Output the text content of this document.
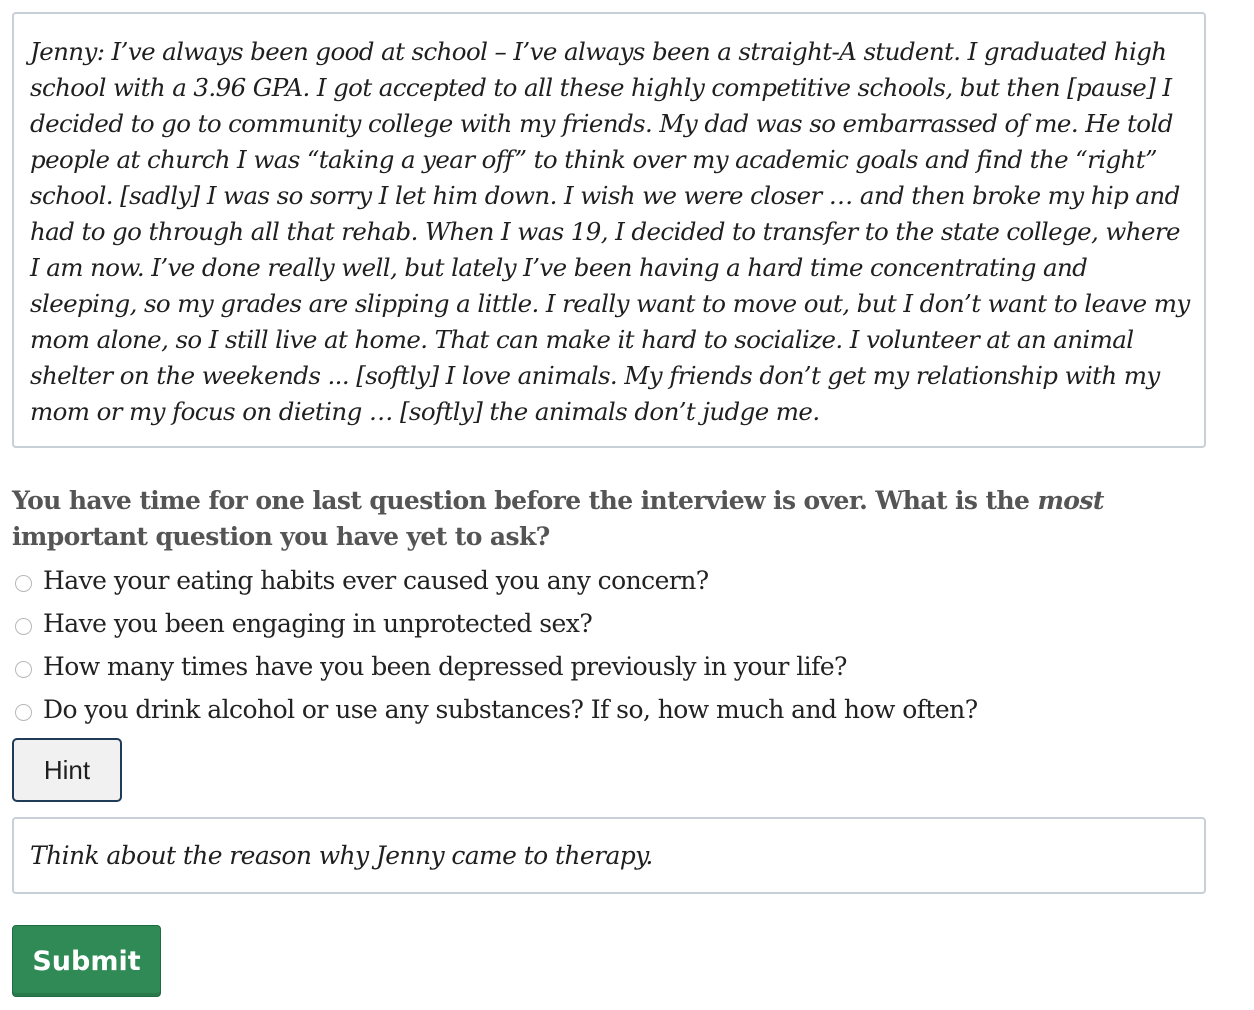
Jenny: I’ve always been good at school – I’ve always been a straight-A student. I graduated high school with a 3.96 GPA. I got accepted to all these highly competitive schools, but then [pause] I decided to go to community college with my friends. My dad was so embarrassed of me. He told people at church I was “taking a year off” to think over my academic goals and find the “right” school. [sadly] I was so sorry I let him down. I wish we were closer … and then broke my hip and had to go through all that rehab. When I was 19, I decided to transfer to the state college, where I am now. I’ve done really well, but lately I’ve been having a hard time concentrating and sleeping, so my grades are slipping a little. I really want to move out, but I don’t want to leave my mom alone, so I still live at home. That can make it hard to socialize. I volunteer at an animal shelter on the weekends ... [softly] I love animals. My friends don’t get my relationship with my mom or my focus on dieting … [softly] the animals don’t judge me.

You have time for one last question before the interview is over. What is the most important question you have yet to ask?

Have your eating habits ever caused you any concern?
Have you been engaging in unprotected sex?
How many times have you been depressed previously in your life?
Do you drink alcohol or use any substances? If so, how much and how often?
Hint

Think about the reason why Jenny came to therapy.

Submit
